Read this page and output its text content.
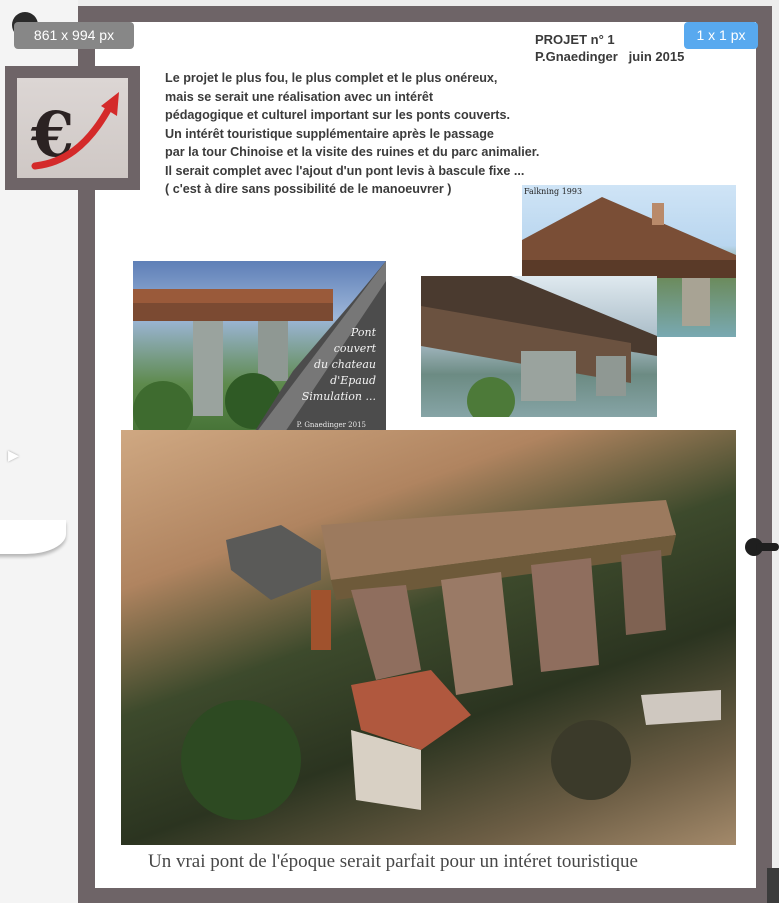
▸
€
PROJET n° 1
P.Gnaedinger   juin 2015
Le projet le plus fou, le plus complet et le plus onéreux,
mais se serait une réalisation avec un intérêt
pédagogique et culturel important sur les ponts couverts.
Un intérêt touristique supplémentaire après le passage
par la tour Chinoise et la visite des ruines et du parc animalier.
Il serait complet avec l'ajout d'un pont levis à bascule fixe ...
( c'est à dire sans possibilité de le manoeuvrer )	Falkning 1993
Pont
couvert
du chateau
d'Epaud
Simulation ...
P. Gnaedinger 2015
Un vrai pont de l'époque serait parfait pour un intéret touristique
861 x 994 px	1 x 1 px
